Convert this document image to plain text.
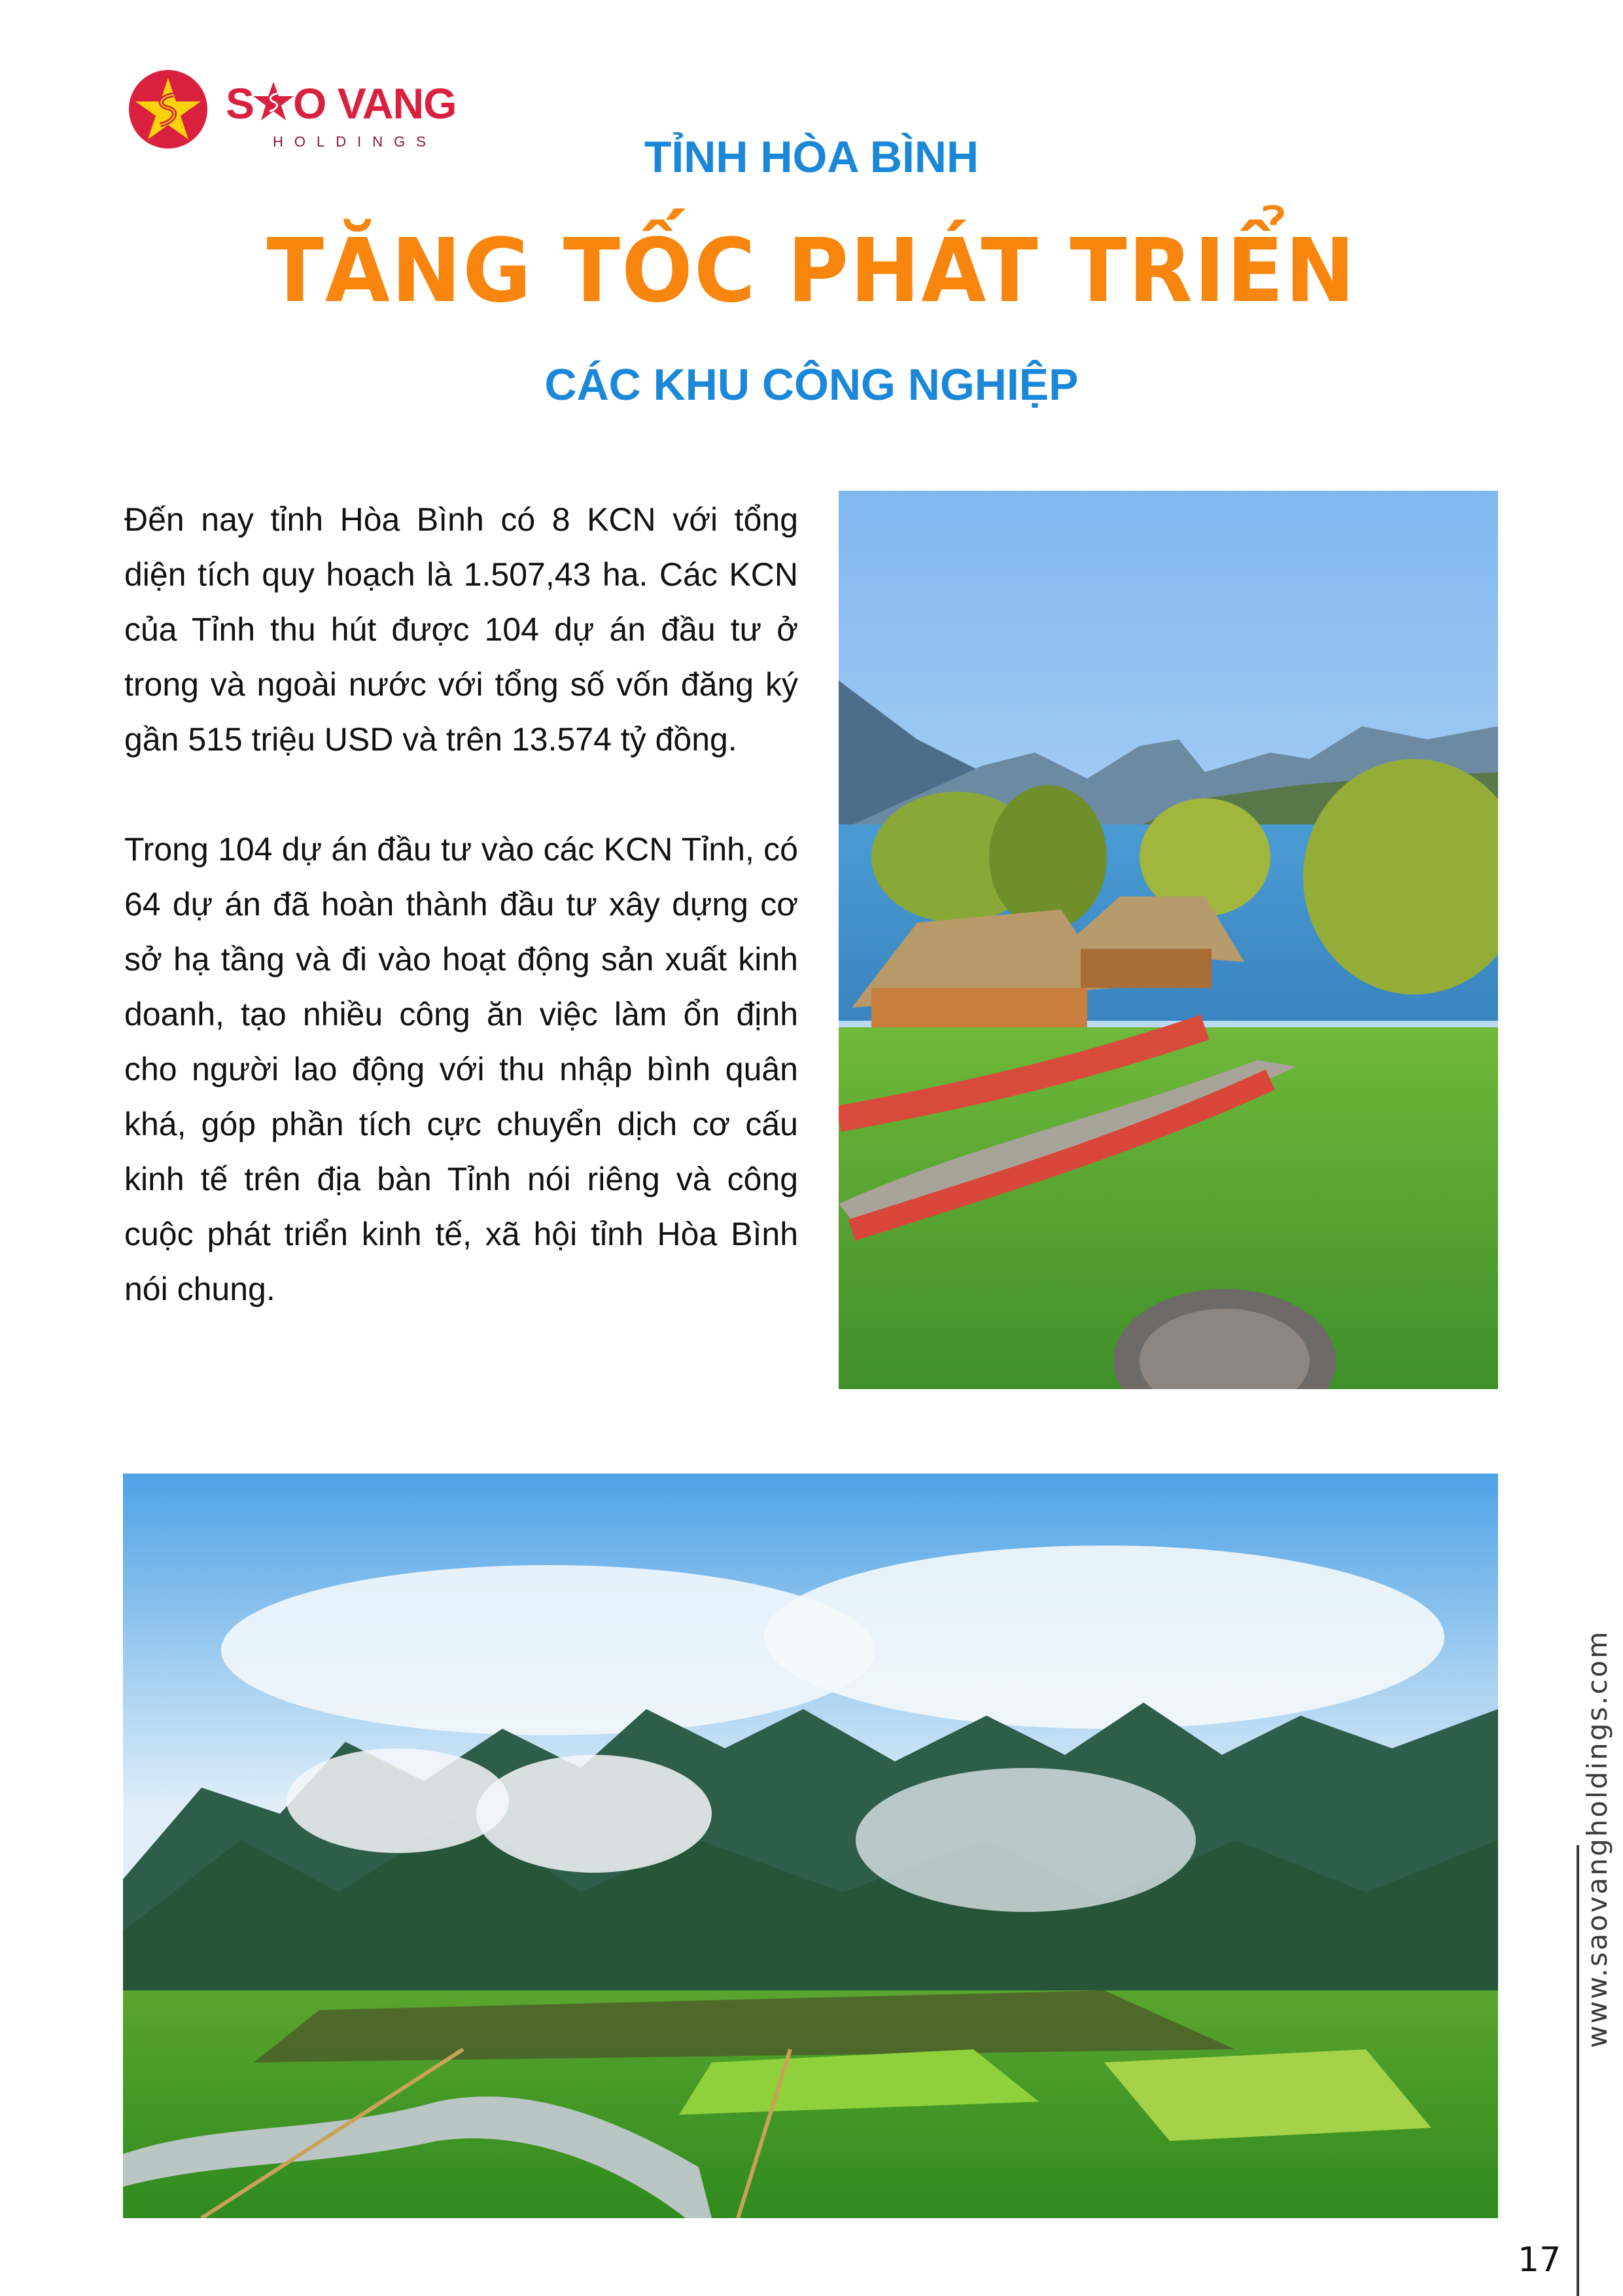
S O VANG
HOLDINGS	TỈNH HÒA BÌNH
TĂNG TỐC PHÁT TRIỂN
CÁC KHU CÔNG NGHIỆP

Đến nay tỉnh Hòa Bình có 8 KCN với tổng diện tích quy hoạch là 1.507,43 ha. Các KCN của Tỉnh thu hút được 104 dự án đầu tư ở trong và ngoài nước với tổng số vốn đăng ký gần 515 triệu USD và trên 13.574 tỷ đồng.

Trong 104 dự án đầu tư vào các KCN Tỉnh, có 64 dự án đã hoàn thành đầu tư xây dựng cơ sở hạ tầng và đi vào hoạt động sản xuất kinh doanh, tạo nhiều công ăn việc làm ổn định cho người lao động với thu nhập bình quân khá, góp phần tích cực chuyển dịch cơ cấu kinh tế trên địa bàn Tỉnh nói riêng và công cuộc phát triển kinh tế, xã hội tỉnh Hòa Bình nói chung.

www.saovangholdings.com
17
